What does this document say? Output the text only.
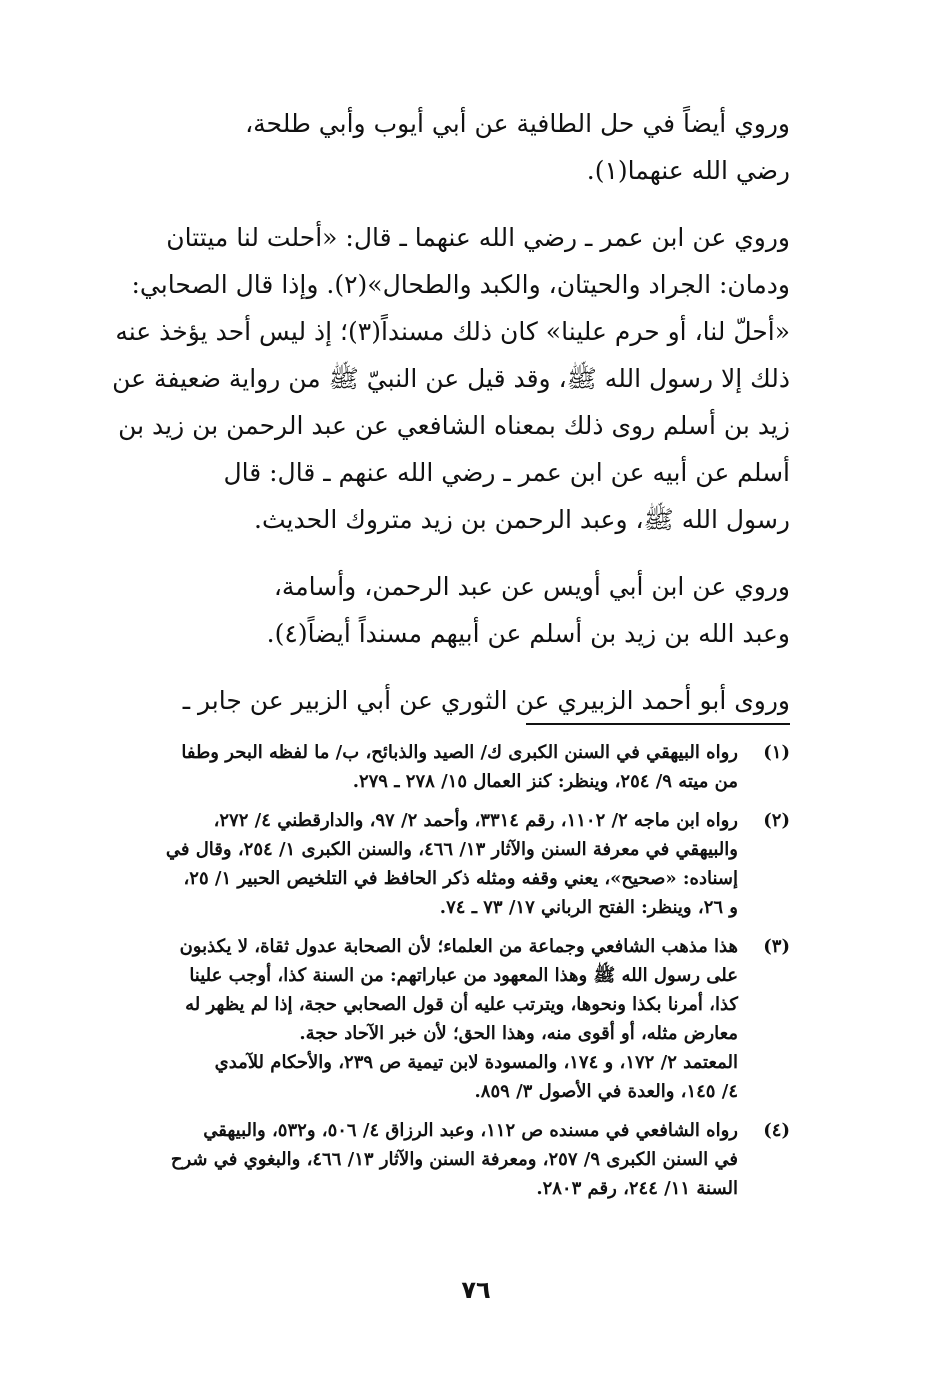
وروي أيضاً في حل الطافية عن أبي أيوب وأبي طلحة،
رضي الله عنهما(١).
وروي عن ابن عمر ـ رضي الله عنهما ـ قال: «أحلت لنا ميتتان
ودمان: الجراد والحيتان، والكبد والطحال»(٢). وإذا قال الصحابي:
«أحلّ لنا، أو حرم علينا» كان ذلك مسنداً(٣)؛ إذ ليس أحد يؤخذ عنه
ذلك إلا رسول الله ﷺ، وقد قيل عن النبيّ ﷺ من رواية ضعيفة عن
زيد بن أسلم روى ذلك بمعناه الشافعي عن عبد الرحمن بن زيد بن
أسلم عن أبيه عن ابن عمر ـ رضي الله عنهم ـ قال: قال
رسول الله ﷺ، وعبد الرحمن بن زيد متروك الحديث.
وروي عن ابن أبي أويس عن عبد الرحمن، وأسامة،
وعبد الله بن زيد بن أسلم عن أبيهم مسنداً أيضاً(٤).
وروى أبو أحمد الزبيري عن الثوري عن أبي الزبير عن جابر ـ
(١)
رواه البيهقي في السنن الكبرى ك/ الصيد والذبائح، ب/ ما لفظه البحر وطفا
من ميته ٩/ ٢٥٤، وينظر: كنز العمال ١٥/ ٢٧٨ ـ ٢٧٩.
(٢)
رواه ابن ماجه ٢/ ١١٠٢، رقم ٣٣١٤، وأحمد ٢/ ٩٧، والدارقطني ٤/ ٢٧٢،
والبيهقي في معرفة السنن والآثار ١٣/ ٤٦٦، والسنن الكبرى ١/ ٢٥٤، وقال في
إسناده: «صحيح»، يعني وقفه ومثله ذكر الحافظ في التلخيص الحبير ١/ ٢٥،
و ٢٦، وينظر: الفتح الرباني ١٧/ ٧٣ ـ ٧٤.
(٣)
هذا مذهب الشافعي وجماعة من العلماء؛ لأن الصحابة عدول ثقاة، لا يكذبون
على رسول الله ﷺ وهذا المعهود من عباراتهم: من السنة كذا، أوجب علينا
كذا، أمرنا بكذا ونحوها، ويترتب عليه أن قول الصحابي حجة، إذا لم يظهر له
معارض مثله، أو أقوى منه، وهذا الحق؛ لأن خبر الآحاد حجة.
المعتمد ٢/ ١٧٢، و ١٧٤، والمسودة لابن تيمية ص ٢٣٩، والأحكام للآمدي
٤/ ١٤٥، والعدة في الأصول ٣/ ٨٥٩.
(٤)
رواه الشافعي في مسنده ص ١١٢، وعبد الرزاق ٤/ ٥٠٦، و٥٣٢، والبيهقي
في السنن الكبرى ٩/ ٢٥٧، ومعرفة السنن والآثار ١٣/ ٤٦٦، والبغوي في شرح
السنة ١١/ ٢٤٤، رقم ٢٨٠٣.
٧٦
